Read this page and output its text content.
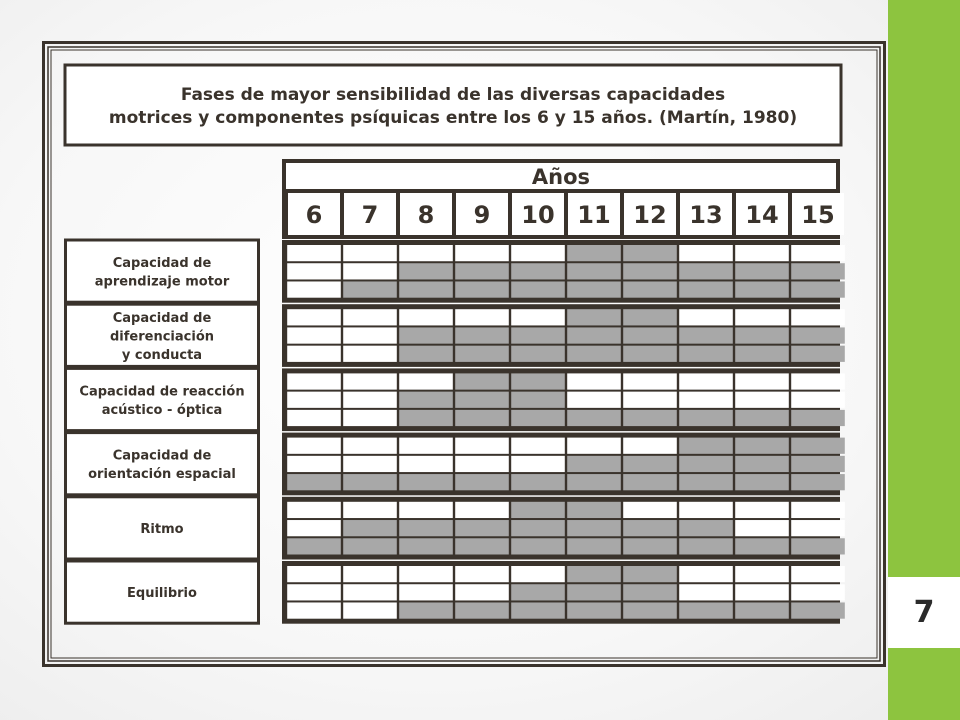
7
Fases de mayor sensibilidad de las diversas capacidades
motrices y componentes psíquicas entre los 6 y 15 años. (Martín, 1980)
Años
6 7 8 9 10 11 12 13 14 15
Capacidad de
aprendizaje motor
Capacidad de
diferenciación
y conducta
Capacidad de reacción
acústico - óptica
Capacidad de
orientación espacial
Ritmo
Equilibrio
